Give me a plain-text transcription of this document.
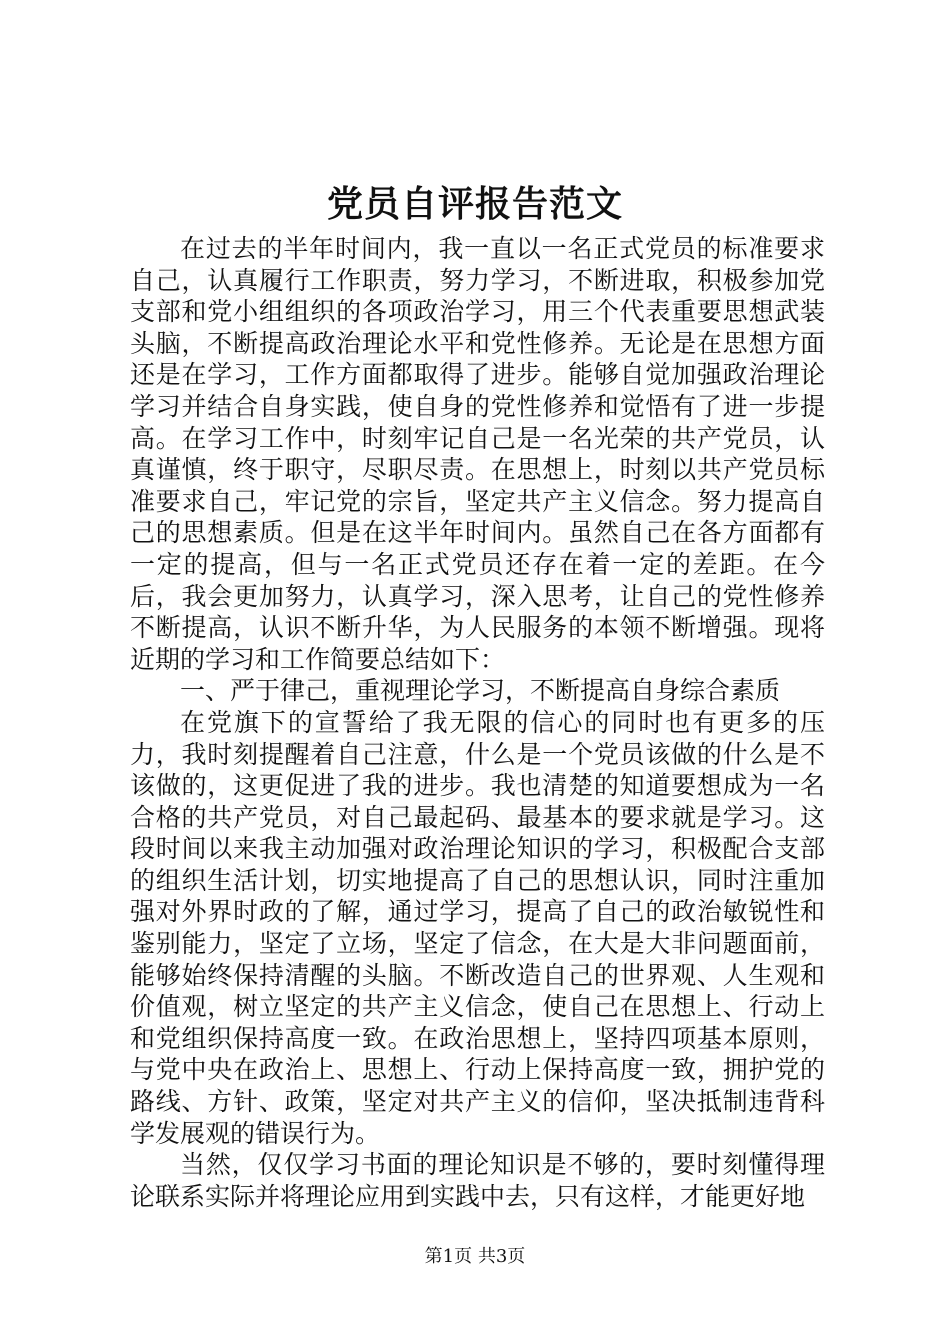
党员自评报告范文

在过去的半年时间内，我一直以一名正式党员的标准要求自己，认真履行工作职责，努力学习，不断进取，积极参加党支部和党小组组织的各项政治学习，用三个代表重要思想武装头脑，不断提高政治理论水平和党性修养。无论是在思想方面还是在学习，工作方面都取得了进步。能够自觉加强政治理论学习并结合自身实践，使自身的党性修养和觉悟有了进一步提高。在学习工作中，时刻牢记自己是一名光荣的共产党员，认真谨慎，终于职守，尽职尽责。在思想上，时刻以共产党员标准要求自己，牢记党的宗旨，坚定共产主义信念。努力提高自己的思想素质。但是在这半年时间内。虽然自己在各方面都有一定的提高，但与一名正式党员还存在着一定的差距。在今后，我会更加努力，认真学习，深入思考，让自己的党性修养不断提高，认识不断升华，为人民服务的本领不断增强。现将近期的学习和工作简要总结如下：

一、严于律己，重视理论学习，不断提高自身综合素质

在党旗下的宣誓给了我无限的信心的同时也有更多的压力，我时刻提醒着自己注意，什么是一个党员该做的什么是不该做的，这更促进了我的进步。我也清楚的知道要想成为一名合格的共产党员，对自己最起码、最基本的要求就是学习。这段时间以来我主动加强对政治理论知识的学习，积极配合支部的组织生活计划，切实地提高了自己的思想认识，同时注重加强对外界时政的了解，通过学习，提高了自己的政治敏锐性和鉴别能力，坚定了立场，坚定了信念，在大是大非问题面前，能够始终保持清醒的头脑。不断改造自己的世界观、人生观和价值观，树立坚定的共产主义信念，使自己在思想上、行动上和党组织保持高度一致。在政治思想上，坚持四项基本原则，与党中央在政治上、思想上、行动上保持高度一致，拥护党的路线、方针、政策，坚定对共产主义的信仰，坚决抵制违背科学发展观的错误行为。

当然，仅仅学习书面的理论知识是不够的，要时刻懂得理论联系实际并将理论应用到实践中去，只有这样，才能更好地

第1页 共3页
